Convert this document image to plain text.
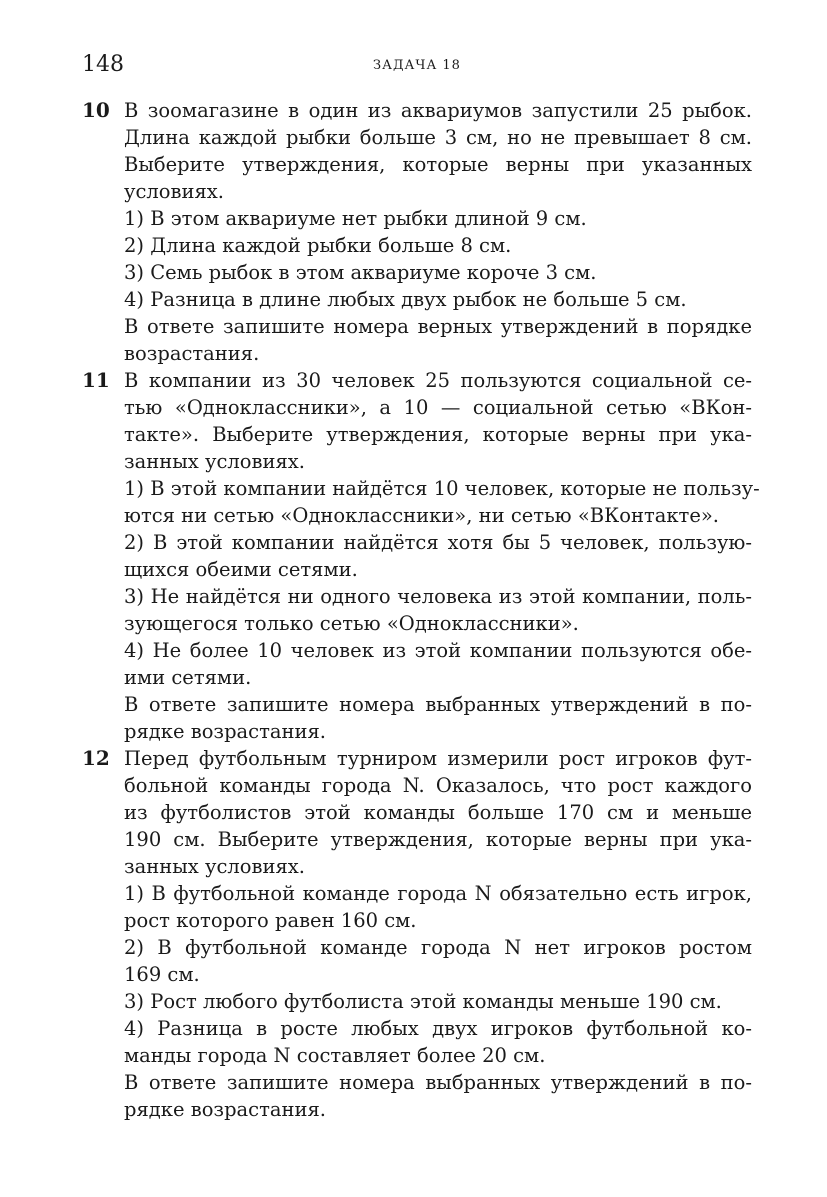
148	ЗАДАЧА 18
10 В зоомагазине в один из аквариумов запустили 25 рыбок.
Длина каждой рыбки больше 3 см, но не превышает 8 см.
Выберите утверждения, которые верны при указанных
условиях.
1) В этом аквариуме нет рыбки длиной 9 см.
2) Длина каждой рыбки больше 8 см.
3) Семь рыбок в этом аквариуме короче 3 см.
4) Разница в длине любых двух рыбок не больше 5 см.
В ответе запишите номера верных утверждений в порядке
возрастания.
11 В компании из 30 человек 25 пользуются социальной се-
тью «Одноклассники», а 10 — социальной сетью «ВКон-
такте». Выберите утверждения, которые верны при ука-
занных условиях.
1) В этой компании найдётся 10 человек, которые не пользу-
ются ни сетью «Одноклассники», ни сетью «ВКонтакте».
2) В этой компании найдётся хотя бы 5 человек, пользую-
щихся обеими сетями.
3) Не найдётся ни одного человека из этой компании, поль-
зующегося только сетью «Одноклассники».
4) Не более 10 человек из этой компании пользуются обе-
ими сетями.
В ответе запишите номера выбранных утверждений в по-
рядке возрастания.
12 Перед футбольным турниром измерили рост игроков фут-
больной команды города N. Оказалось, что рост каждого
из футболистов этой команды больше 170 см и меньше
190 см. Выберите утверждения, которые верны при ука-
занных условиях.
1) В футбольной команде города N обязательно есть игрок,
рост которого равен 160 см.
2) В футбольной команде города N нет игроков ростом
169 см.
3) Рост любого футболиста этой команды меньше 190 см.
4) Разница в росте любых двух игроков футбольной ко-
манды города N составляет более 20 см.
В ответе запишите номера выбранных утверждений в по-
рядке возрастания.
